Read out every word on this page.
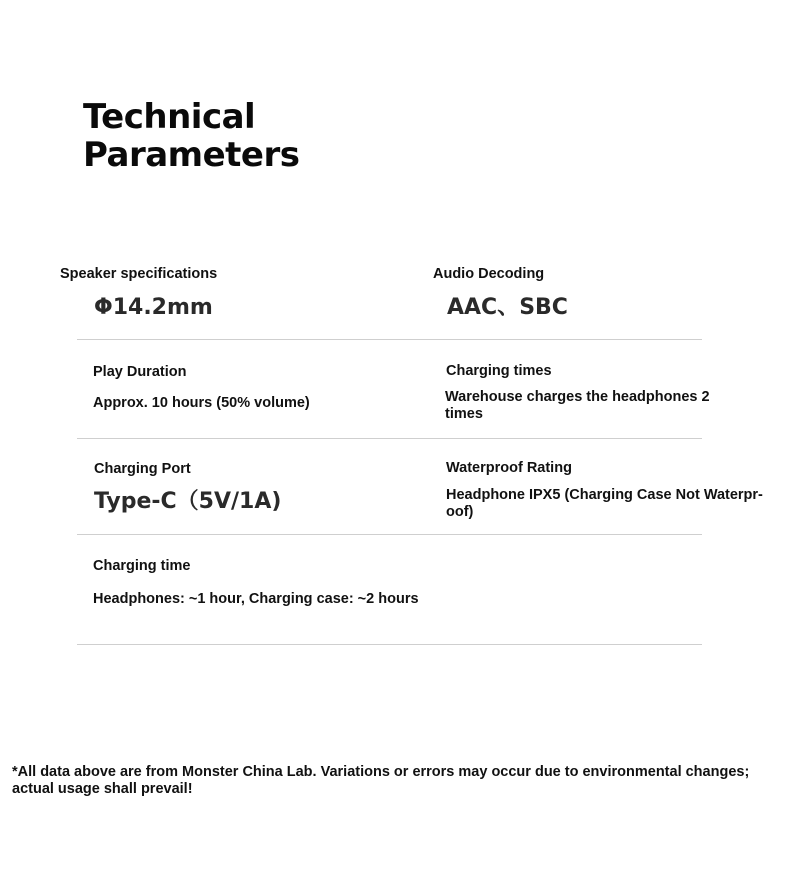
Technical
Parameters
Speaker specifications
Φ14.2mm
Audio Decoding
AAC、SBC
Play Duration
Approx. 10 hours (50% volume)
Charging times
Warehouse charges the headphones 2 times
Charging Port
Type-C（5V/1A)
Waterproof Rating
Headphone IPX5 (Charging Case Not Waterpr-oof)
Charging time
Headphones: ~1 hour, Charging case: ~2 hours

*All data above are from Monster China Lab. Variations or errors may occur due to environmental changes; actual usage shall prevail!
